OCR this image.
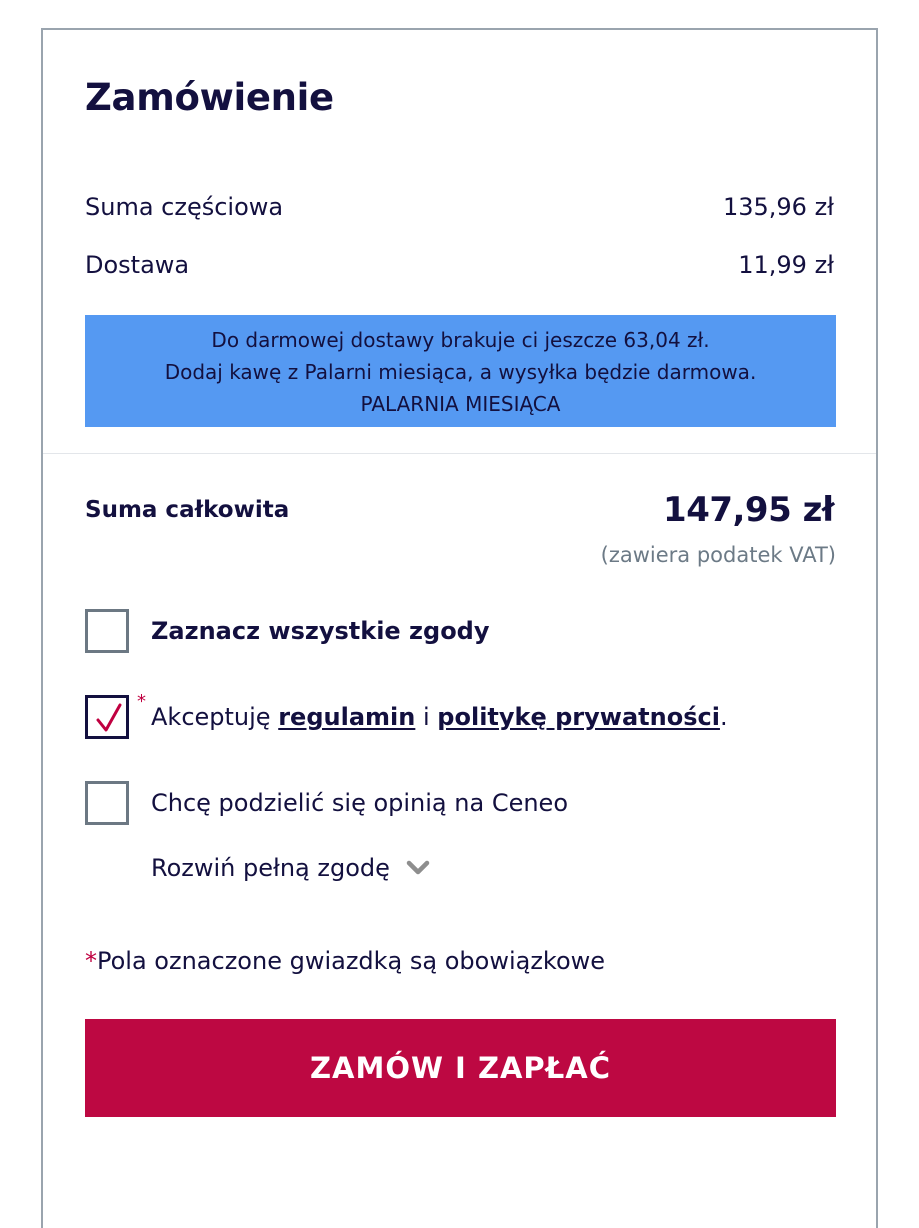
Zamówienie
Suma częściowa	135,96 zł
Dostawa	11,99 zł
Do darmowej dostawy brakuje ci jeszcze 63,04 zł.
Dodaj kawę z Palarni miesiąca, a wysyłka będzie darmowa.
PALARNIA MIESIĄCA
Suma całkowita	147,95 zł
(zawiera podatek VAT)
Zaznacz wszystkie zgody
*
Akceptuję regulamin i politykę prywatności.
Chcę podzielić się opinią na Ceneo
Rozwiń pełną zgodę
*Pola oznaczone gwiazdką są obowiązkowe
ZAMÓW I ZAPŁAĆ
